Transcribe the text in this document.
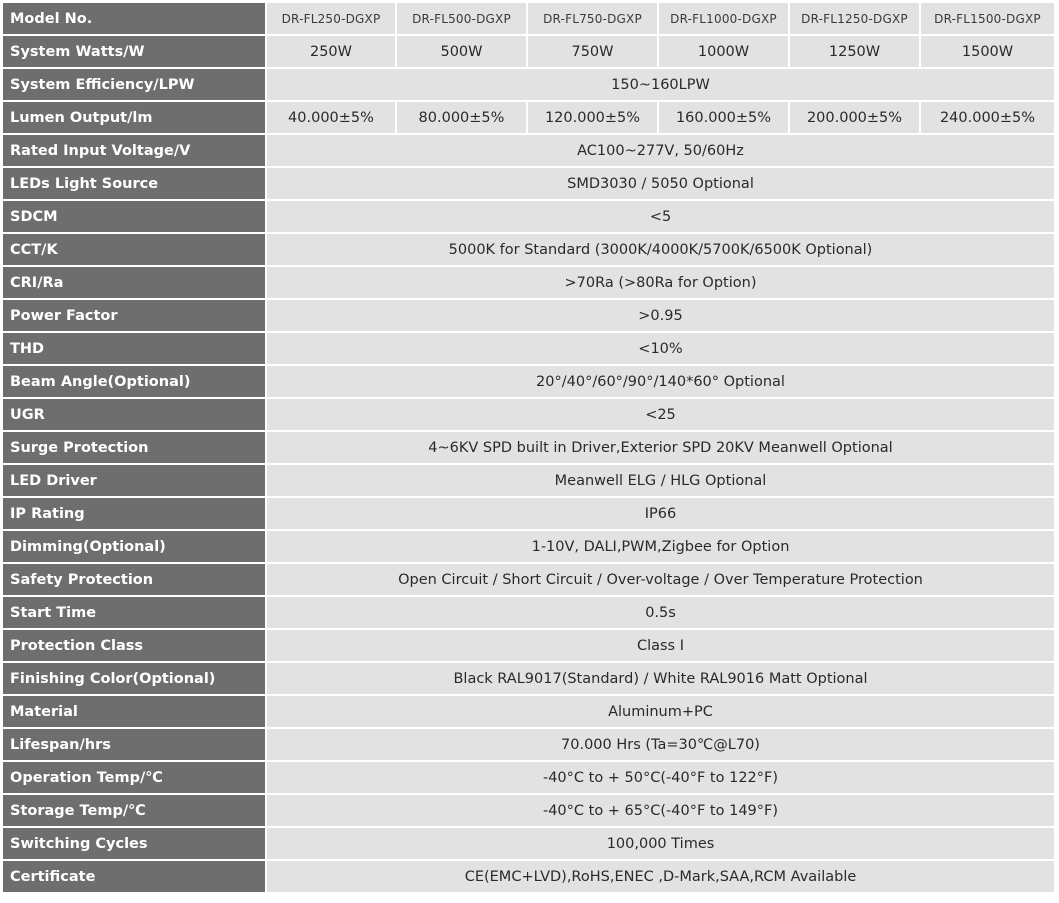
Model No.	DR-FL250-DGXP	DR-FL500-DGXP	DR-FL750-DGXP	DR-FL1000-DGXP	DR-FL1250-DGXP	DR-FL1500-DGXP
System Watts/W	250W	500W	750W	1000W	1250W	1500W
System Efficiency/LPW	150~160LPW					
Lumen Output/lm	40.000±5%	80.000±5%	120.000±5%	160.000±5%	200.000±5%	240.000±5%
Rated Input Voltage/V	AC100~277V, 50/60Hz					
LEDs Light Source	SMD3030 / 5050 Optional					
SDCM	<5					
CCT/K	5000K for Standard (3000K/4000K/5700K/6500K Optional)					
CRI/Ra	>70Ra (>80Ra for Option)					
Power Factor	>0.95					
THD	<10%					
Beam Angle(Optional)	20°/40°/60°/90°/140*60° Optional					
UGR	<25					
Surge Protection	4~6KV SPD built in Driver,Exterior SPD 20KV Meanwell Optional					
LED Driver	Meanwell ELG / HLG Optional					
IP Rating	IP66					
Dimming(Optional)	1-10V, DALI,PWM,Zigbee for Option					
Safety Protection	Open Circuit / Short Circuit / Over-voltage / Over Temperature Protection					
Start Time	0.5s					
Protection Class	Class Ⅰ					
Finishing Color(Optional)	Black RAL9017(Standard) / White RAL9016 Matt Optional					
Material	Aluminum+PC					
Lifespan/hrs	70.000 Hrs (Ta=30℃@L70)					
Operation Temp/℃	-40°C to + 50°C(-40°F to 122°F)					
Storage Temp/℃	-40°C to + 65°C(-40°F to 149°F)					
Switching Cycles	100,000 Times					
Certificate	CE(EMC+LVD),RoHS,ENEC ,D-Mark,SAA,RCM Available					
